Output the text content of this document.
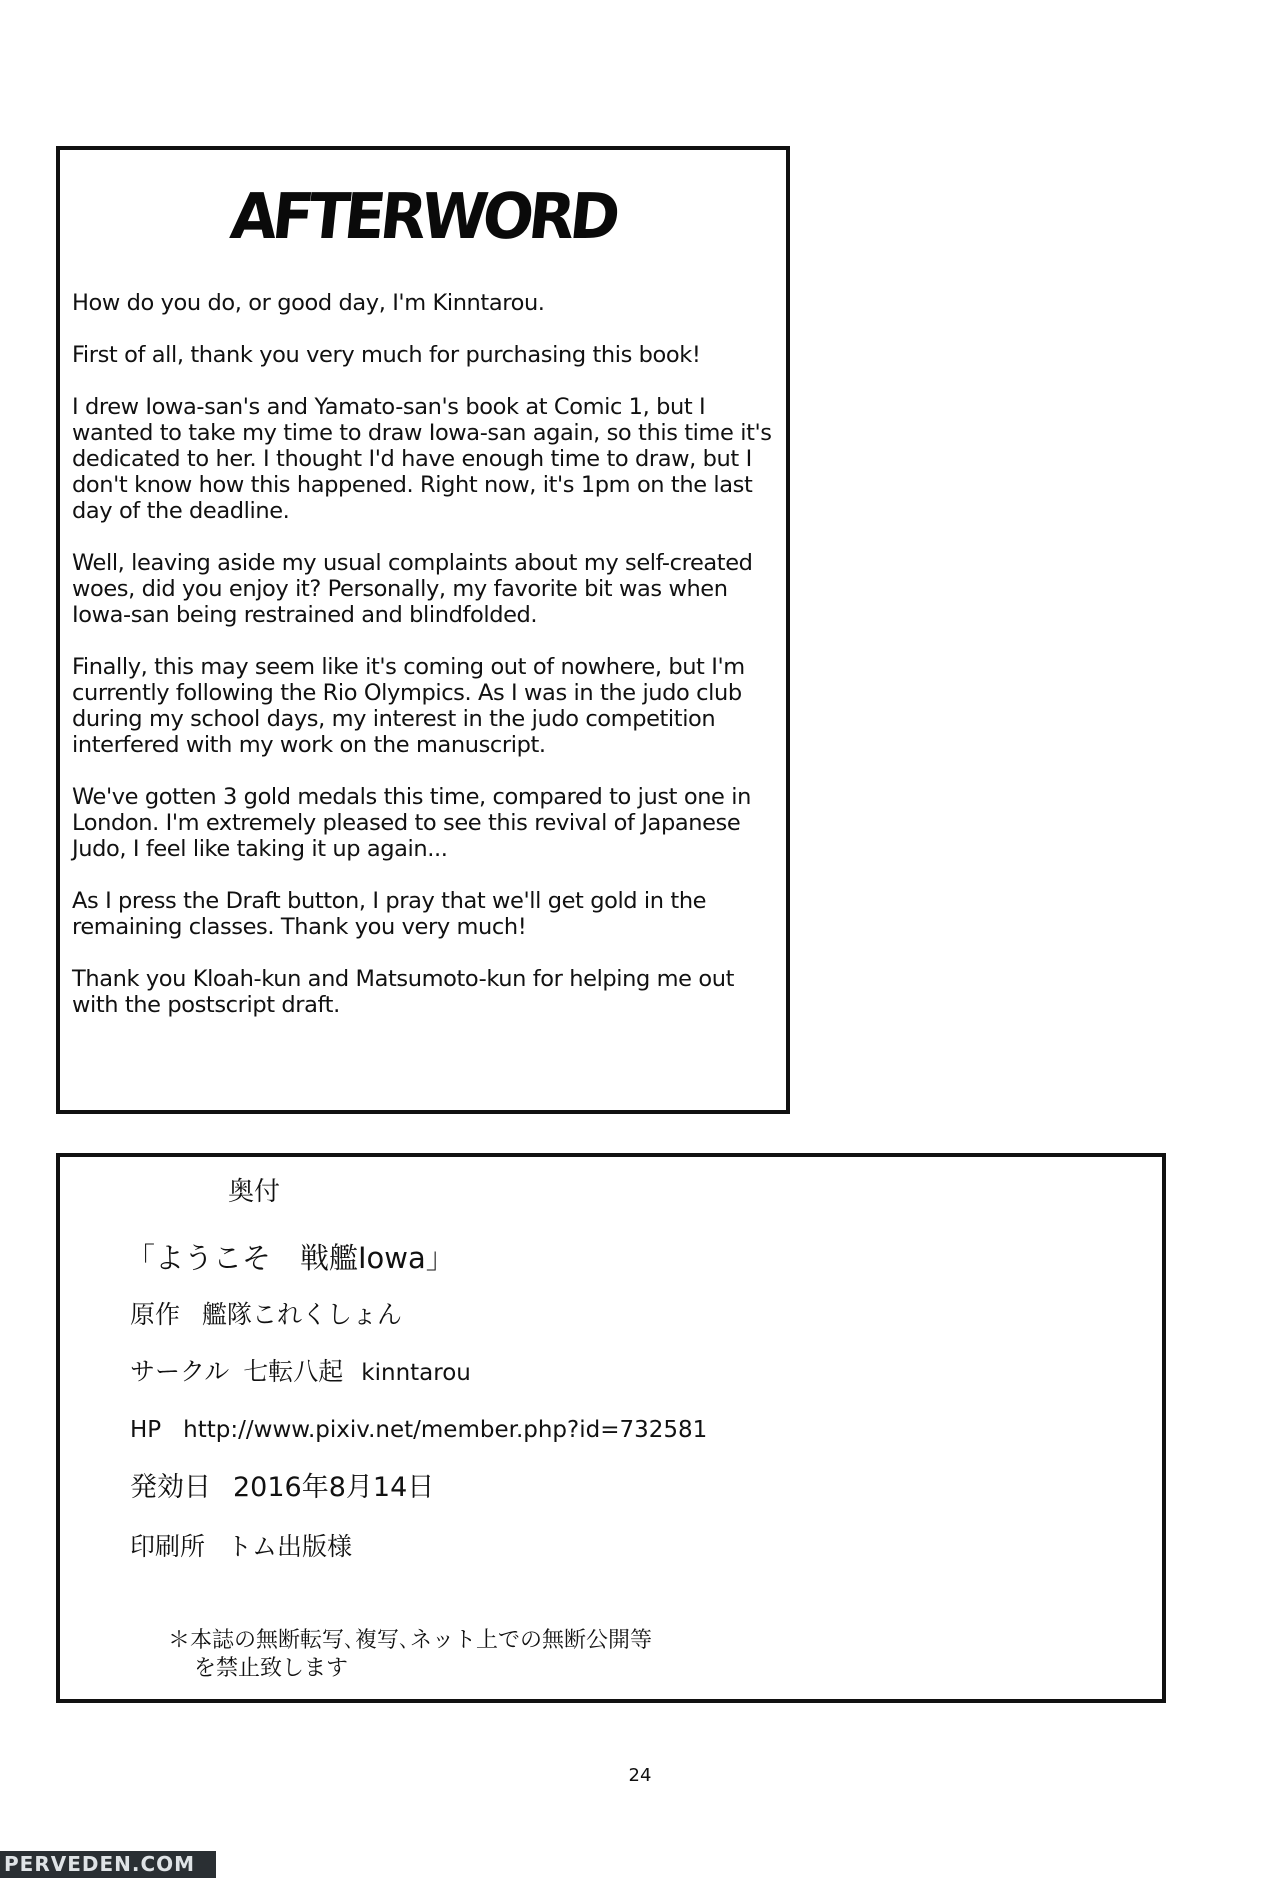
AFTERWORD

How do you do, or good day, I'm Kinntarou.

First of all, thank you very much for purchasing this book!

I drew Iowa-san's and Yamato-san's book at Comic 1, but I wanted to take my time to draw Iowa-san again, so this time it's dedicated to her. I thought I'd have enough time to draw, but I don't know how this happened. Right now, it's 1pm on the last day of the deadline.

Well, leaving aside my usual complaints about my self-created woes, did you enjoy it? Personally, my favorite bit was when Iowa-san being restrained and blindfolded.

Finally, this may seem like it's coming out of nowhere, but I'm currently following the Rio Olympics. As I was in the judo club during my school days, my interest in the judo competition interfered with my work on the manuscript.

We've gotten 3 gold medals this time, compared to just one in London. I'm extremely pleased to see this revival of Japanese Judo, I feel like taking it up again...

As I press the Draft button, I pray that we'll get gold in the remaining classes. Thank you very much!

Thank you Kloah-kun and Matsumoto-kun for helping me out with the postscript draft.

奥付
「ようこそ　戦艦Iowa」
原作 艦隊これくしょん
サークル 七転八起 kinntarou
HP http://www.pixiv.net/member.php?id=732581
発効日 2016年8月14日
印刷所 トム出版様
＊本誌の無断転写､複写､ネット上での無断公開等
を禁止致します
24
PERVEDEN.COM
